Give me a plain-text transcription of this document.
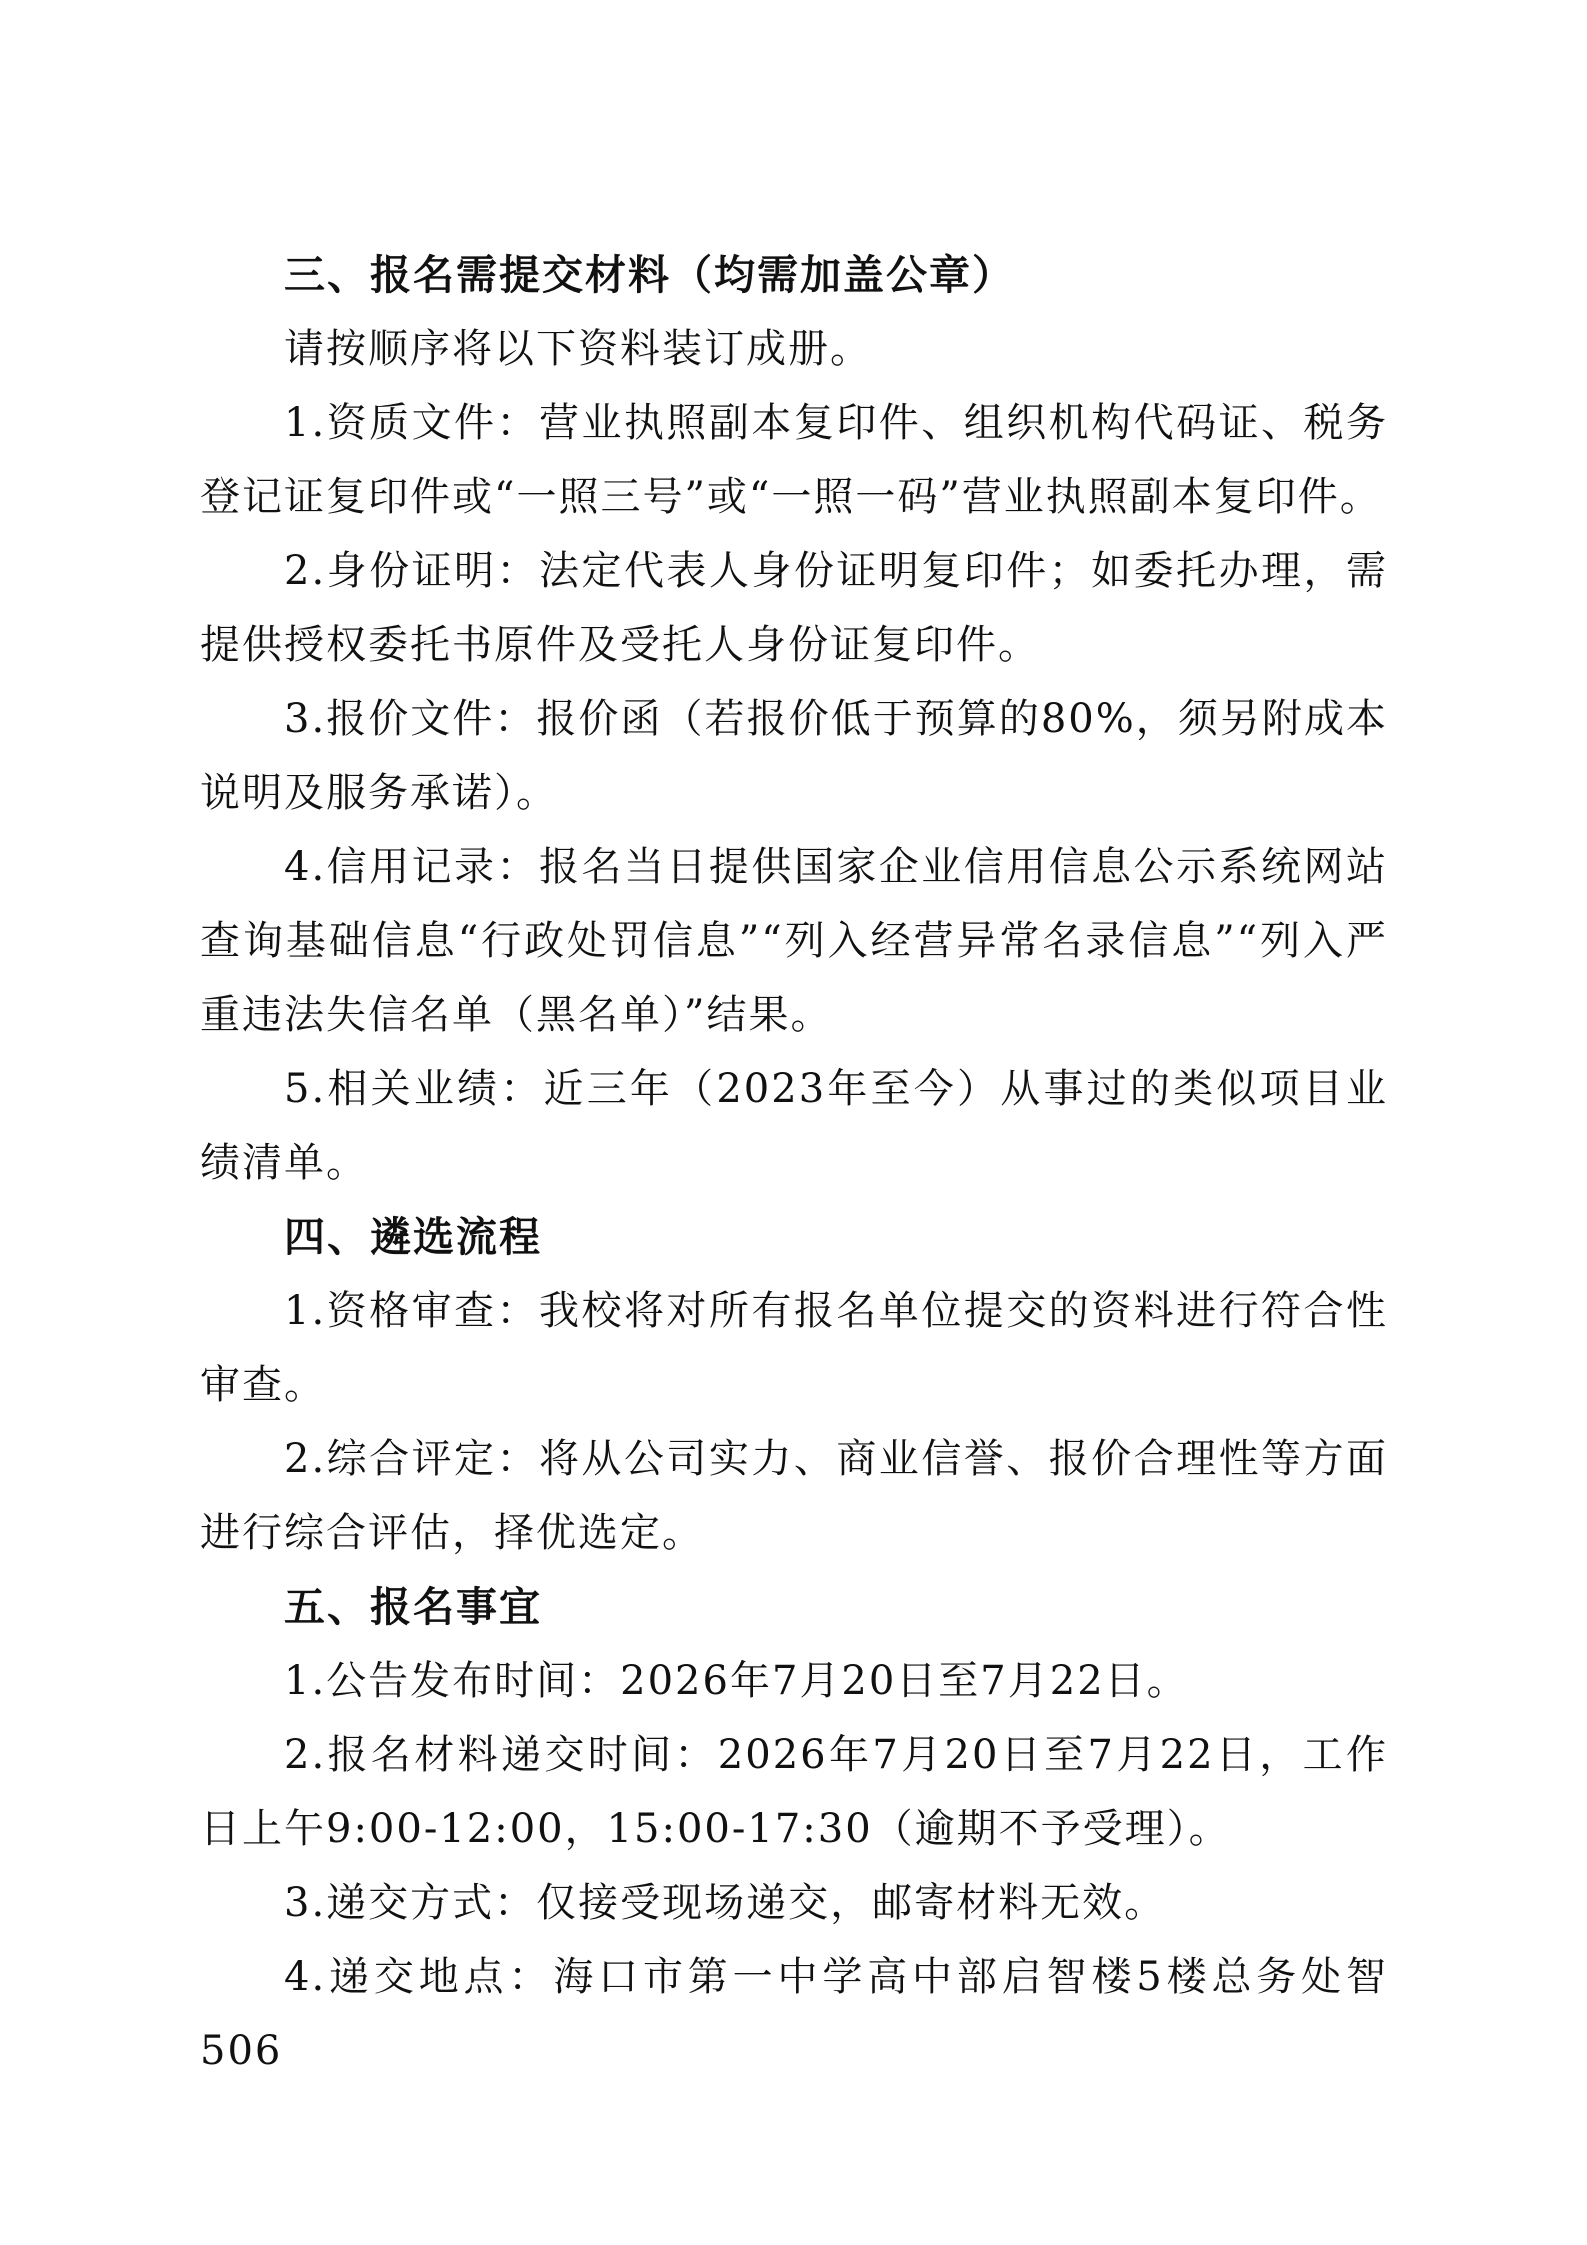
三、报名需提交材料（均需加盖公章）

请按顺序将以下资料装订成册。

1.资质文件：营业执照副本复印件、组织机构代码证、税务登记证复印件或“一照三号”或“一照一码”营业执照副本复印件。

2.身份证明：法定代表人身份证明复印件；如委托办理，需提供授权委托书原件及受托人身份证复印件。

3.报价文件：报价函（若报价低于预算的80%，须另附成本说明及服务承诺）。

4.信用记录：报名当日提供国家企业信用信息公示系统网站查询基础信息“行政处罚信息”“列入经营异常名录信息”“列入严重违法失信名单（黑名单）”结果。

5.相关业绩：近三年（2023年至今）从事过的类似项目业绩清单。

四、遴选流程

1.资格审查：我校将对所有报名单位提交的资料进行符合性审查。

2.综合评定：将从公司实力、商业信誉、报价合理性等方面进行综合评估，择优选定。

五、报名事宜

1.公告发布时间：2026年7月20日至7月22日。

2.报名材料递交时间：2026年7月20日至7月22日，工作日上午9:00-12:00，15:00-17:30（逾期不予受理）。

3.递交方式：仅接受现场递交，邮寄材料无效。

4.递交地点：海口市第一中学高中部启智楼5楼总务处智506
